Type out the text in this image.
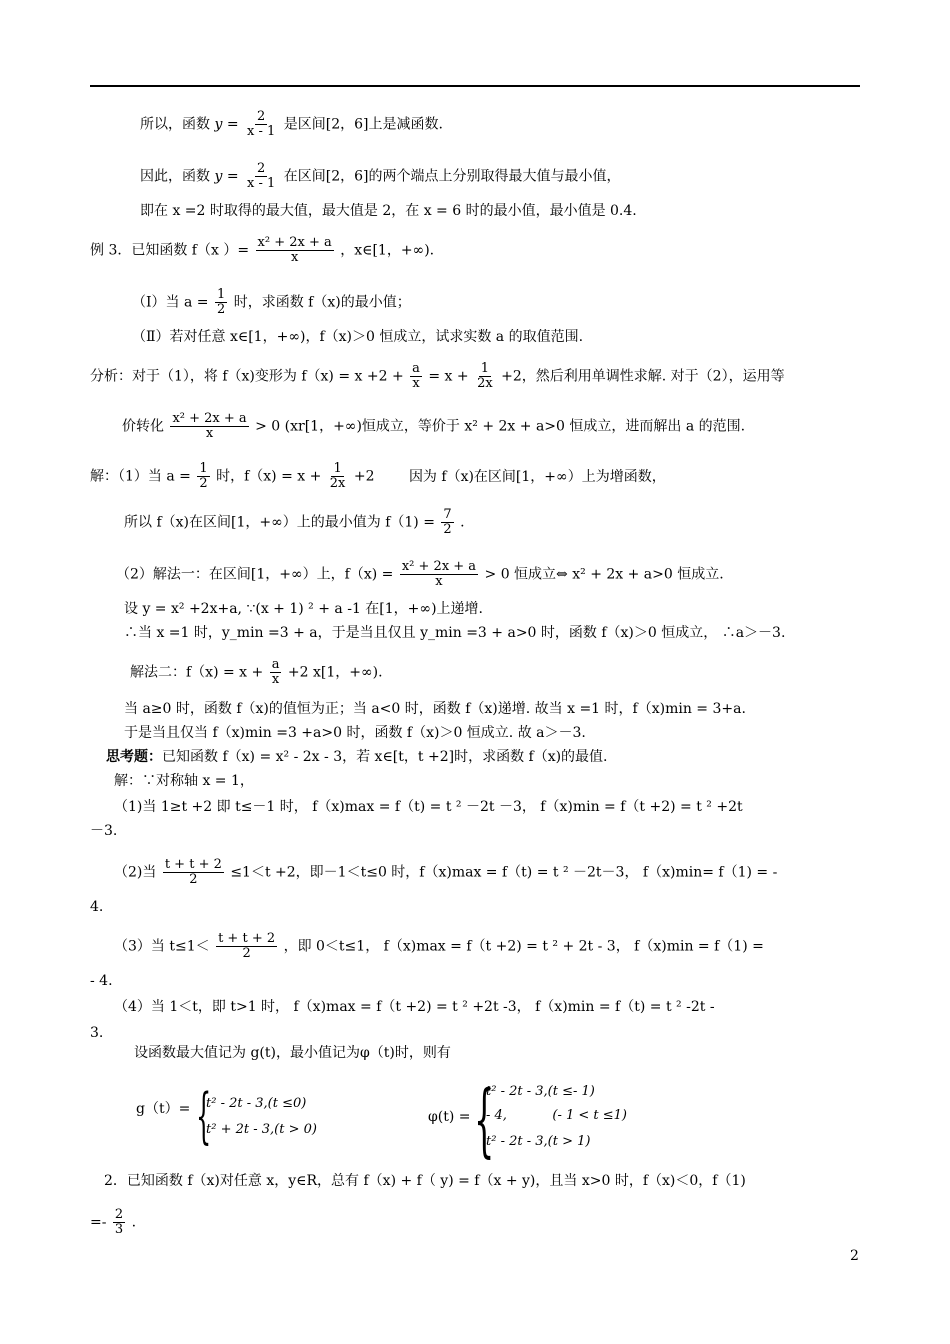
所以，函数 $y = \frac{2}{x - 1}$ 是区间[2，6]上是减函数.
因此，函数 $y = \frac{2}{x - 1}$ 在区间[2，6]的两个端点上分别取得最大值与最小值，
即在 x =2 时取得的最大值，最大值是 2，在 x = 6 时的最小值，最小值是 0.4.
例 3．已知函数 f（x ）= $\frac{\text{x² + 2x + a}}{x}$ ，x∈[1，+∞).
（Ⅰ）当 $a = \frac{1}{2}$ 时，求函数 f（x)的最小值；
（Ⅱ）若对任意 x∈[1，+∞)，f（x)＞0 恒成立，试求实数 a 的取值范围.
分析：对于（1），将 f（x)变形为 $f(x) = x +2 + \frac{a}{x} = x + \frac{1}{2x} +2$，然后利用单调性求解. 对于（2），运用等
价转化 $\frac{\text{x² + 2x + a}}{x} > 0$ (xr[1，+∞)恒成立，等价于 x² + 2x + a>0 恒成立，进而解出 a 的范围.
解：（1）当 $a = \frac{1}{2}$ 时，$f(x) = x + \frac{1}{2x} +2$ 因为 f（x)在区间[1，+∞）上为增函数，
所以 f（x)在区间[1，+∞）上的最小值为 $f(1) = \frac{7}{2}$ .
（2）解法一：在区间[1，+∞）上，$f(x) = \frac{\text{x² + 2x + a}}{x} > 0$ 恒成立⇔ x² + 2x + a>0 恒成立.
设 y = x² +2x+a, ∵(x + 1) ² + a -1 在[1，+∞)上递增.
∴当 x =1 时，y_min =3 + a，于是当且仅且 y_min =3 + a>0 时，函数 f（x)＞0 恒成立， ∴a＞－3.
解法二：$f(x) = x + \frac{a}{x} +2$ x[1，+∞).
当 a≥0 时，函数 f（x)的值恒为正；当 a<0 时，函数 f（x)递增. 故当 x =1 时，f（x)min = 3+a.
于是当且仅当 f（x)min =3 +a>0 时，函数 f（x)＞0 恒成立. 故 a＞－3.
思考题：已知函数 f（x) = x² - 2x - 3，若 x∈[t，t +2]时，求函数 f（x)的最值.
解：∵对称轴 x = 1，
（1)当 1≥t +2 即 t≤－1 时， f（x)max = f（t) = t ² －2t －3， f（x)min = f（t +2) = t ² +2t
－3.
（2)当 $\frac{t + t + 2}{2} \le 1<t +2$，即－1＜t≤0 时，f（x)max = f（t) = t ² －2t－3， f（x)min= f（1) = -
4.
（3）当 $t\le 1< \frac{t + t + 2}{2}$ ，即 0＜t≤1， f（x)max = f（t +2) = t ² + 2t - 3， f（x)min = f（1) =
- 4.
（4）当 1＜t，即 t>1 时， f（x)max = f（t +2) = t ² +2t -3， f（x)min = f（t) = t ² -2t -
3.
设函数最大值记为 g(t)，最小值记为φ（t)时，则有
g（t）= {
t² - 2t - 3,(t ≤0)
t² + 2t - 3,(t > 0)
φ(t) = {
t² - 2t - 3,(t ≤- 1)
- 4,           (- 1 < t ≤1)
t² - 2t - 3,(t > 1)
2．已知函数 f（x)对任意 x，y∈R，总有 f（x) + f（ y) = f（x + y)，且当 x>0 时，f（x)＜0，f（1)
=- $\frac{2}{3}$ .
2
